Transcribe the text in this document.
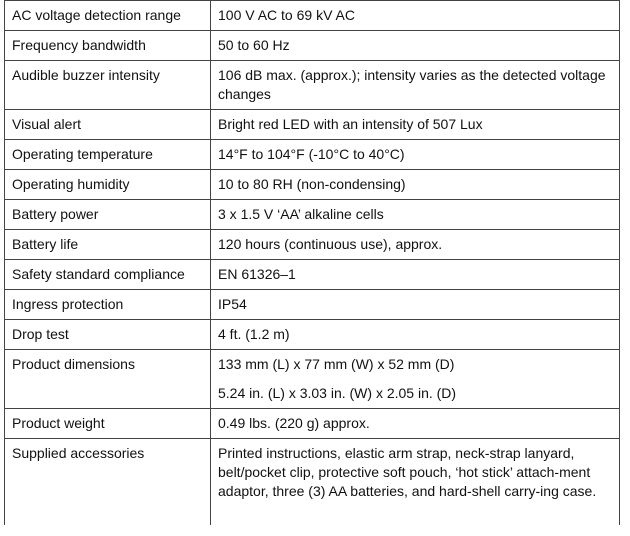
AC voltage detection range	100 V AC to 69 kV AC
Frequency bandwidth	50 to 60 Hz
Audible buzzer intensity	106 dB max. (approx.); intensity varies as the detected voltage changes
Visual alert	Bright red LED with an intensity of 507 Lux
Operating temperature	14°F to 104°F (-10°C to 40°C)
Operating humidity	10 to 80 RH (non-condensing)
Battery power	3 x 1.5 V ‘AA’ alkaline cells
Battery life	120 hours (continuous use), approx.
Safety standard compliance	EN 61326–1
Ingress protection	IP54
Drop test	4 ft. (1.2 m)
Product dimensions	133 mm (L) x 77 mm (W) x 52 mm (D)
5.24 in. (L) x 3.03 in. (W) x 2.05 in. (D)

Product weight	0.49 lbs. (220 g) approx.
Supplied accessories	Printed instructions, elastic arm strap, neck-strap lanyard, belt/pocket clip, protective soft pouch, ‘hot stick’ attach-ment adaptor, three (3) AA batteries, and hard-shell carry-ing case.
